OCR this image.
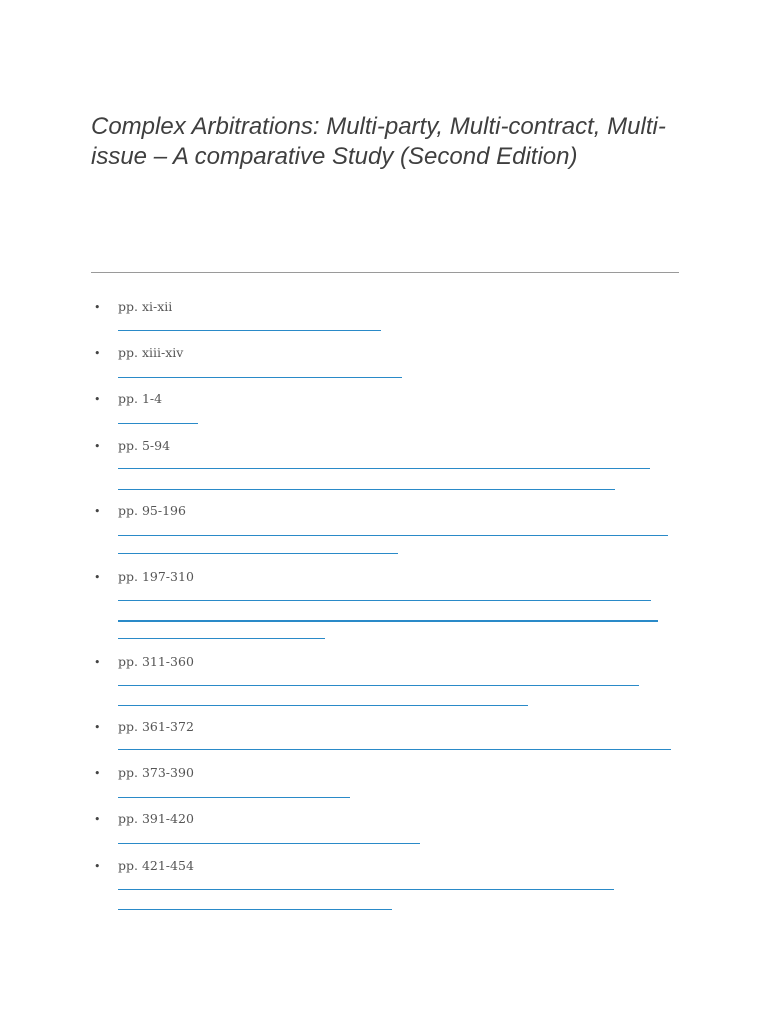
Complex Arbitrations: Multi-party, Multi-contract, Multi-issue – A comparative Study (Second Edition)
• pp. xi-xii
• pp. xiii-xiv
• pp. 1-4
• pp. 5-94
• pp. 95-196
• pp. 197-310
• pp. 311-360
• pp. 361-372
• pp. 373-390
• pp. 391-420
• pp. 421-454
